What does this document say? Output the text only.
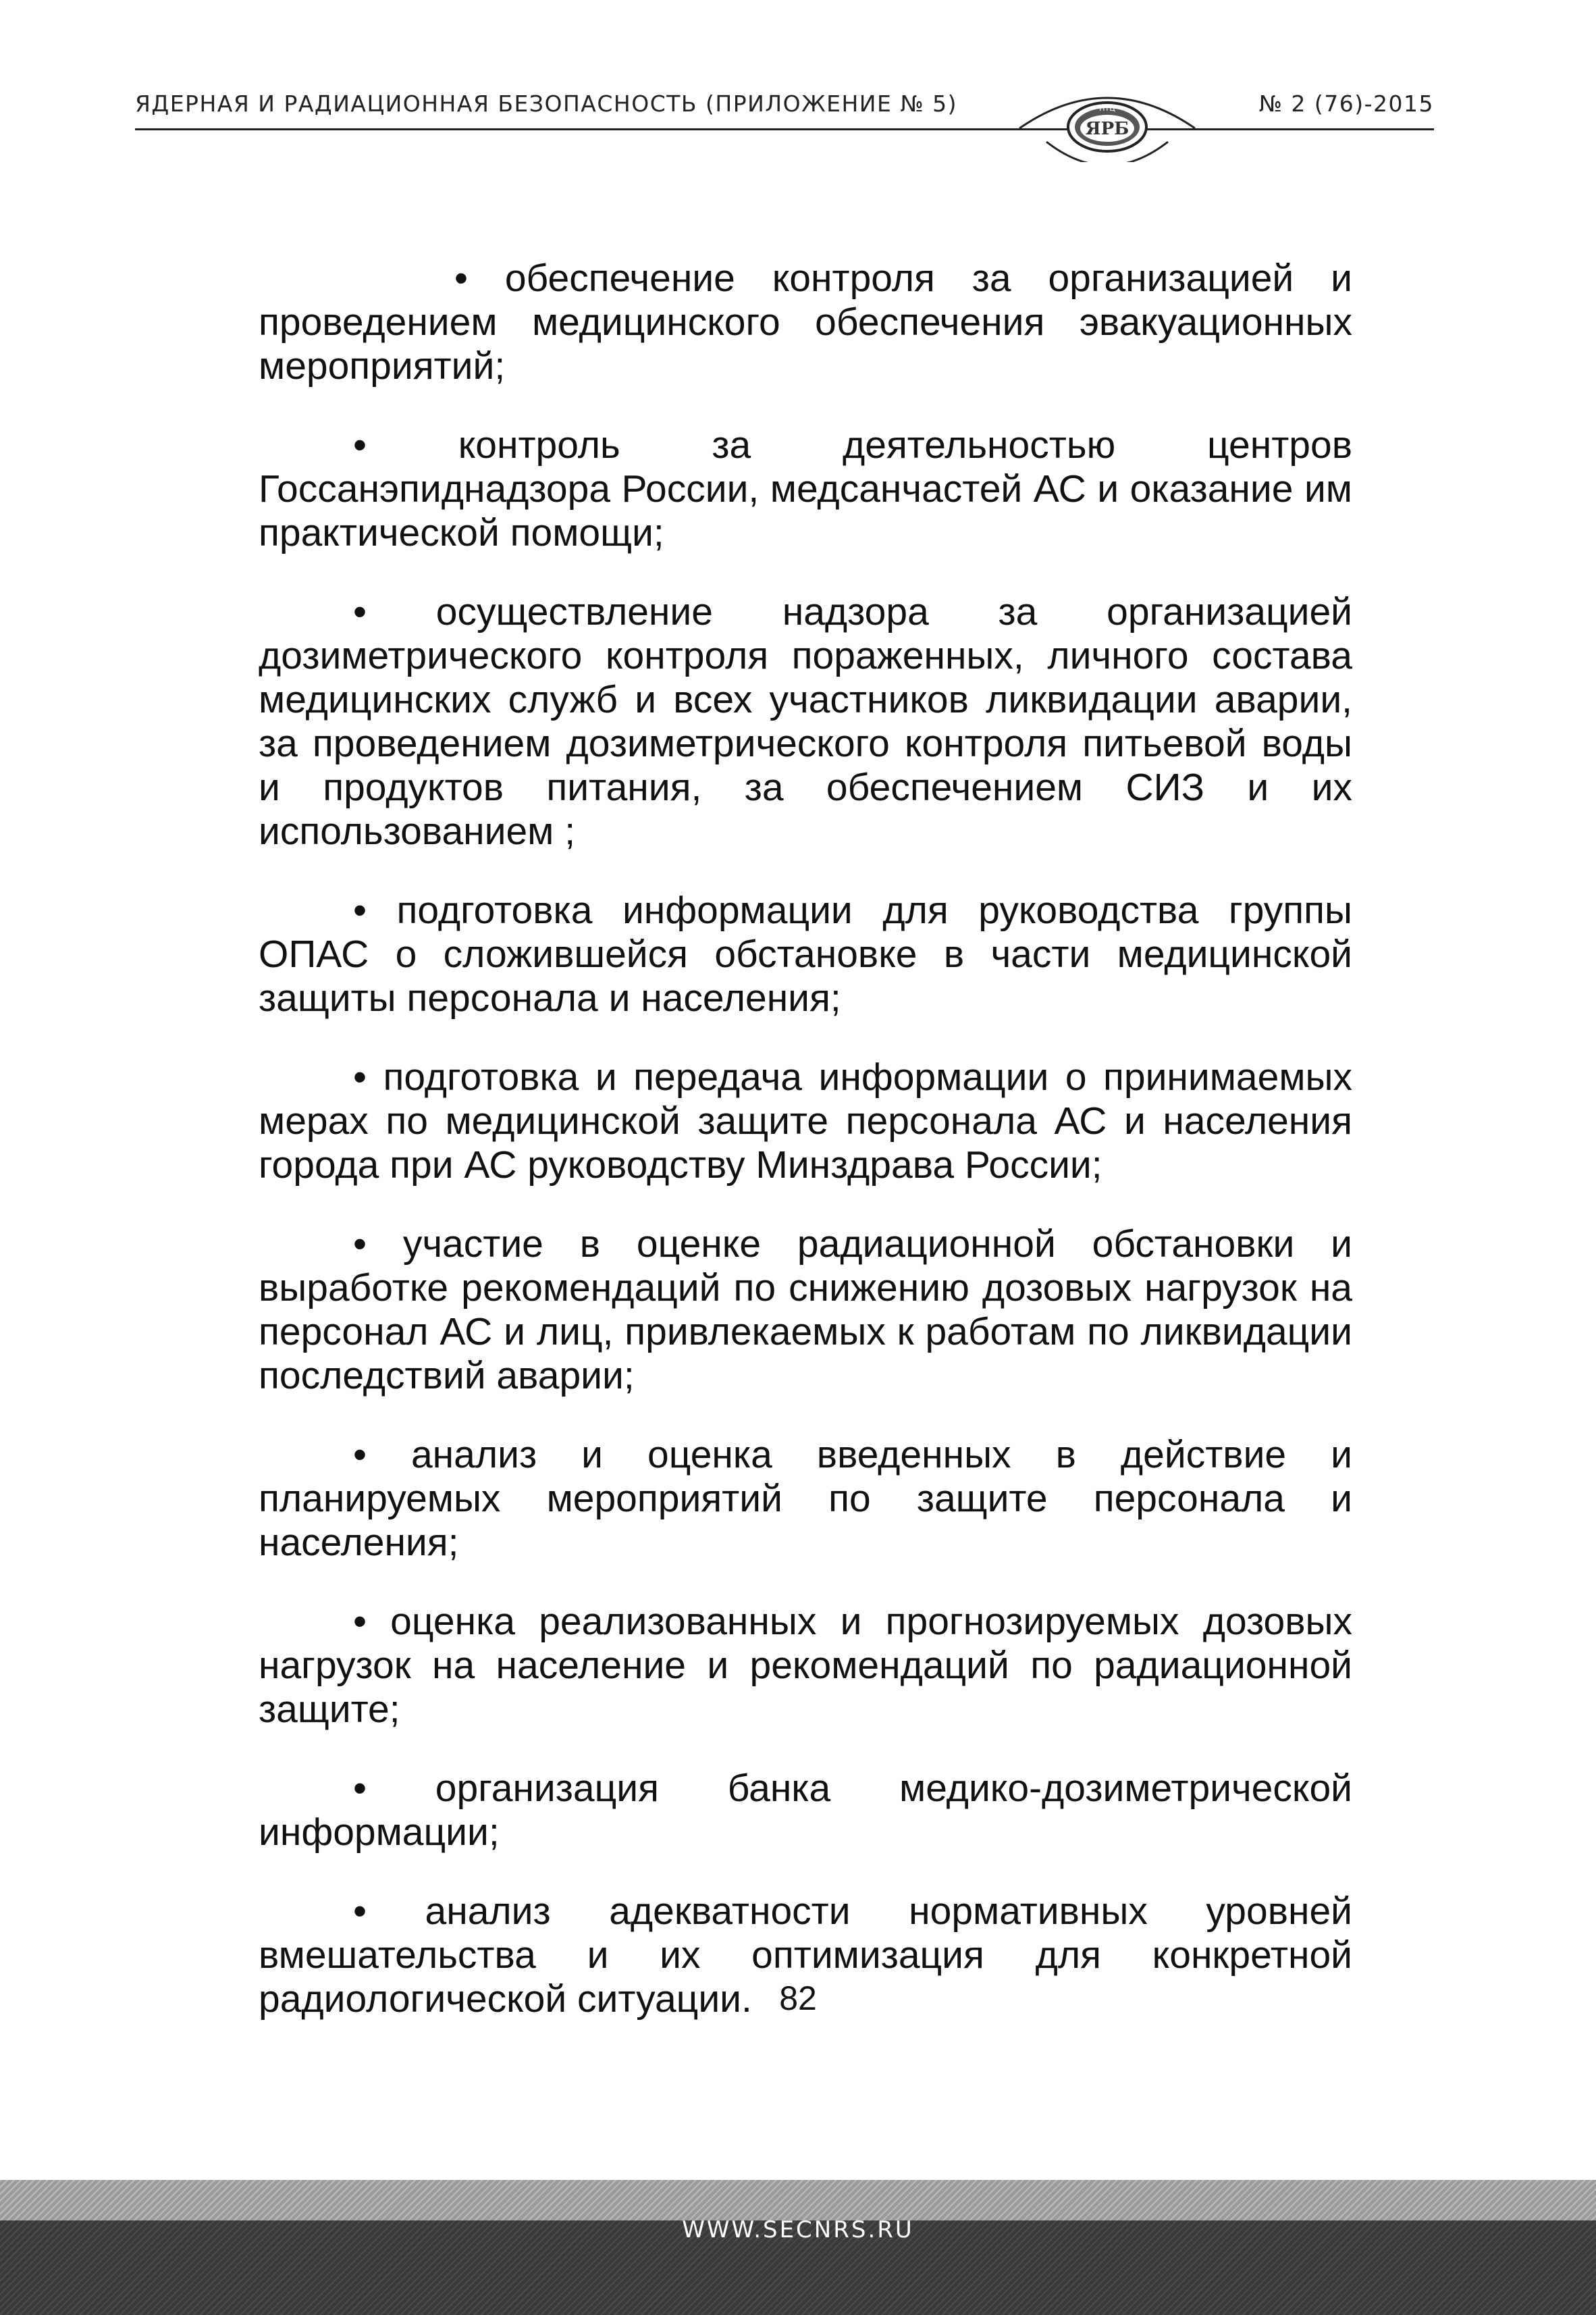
ЯДЕРНАЯ И РАДИАЦИОННАЯ БЕЗОПАСНОСТЬ (ПРИЛОЖЕНИЕ № 5)	№ 2 (76)-2015
НТЦ
ЯРБ

• обеспечение контроля за организацией и проведением медицинского обеспечения эвакуационных мероприятий;

• контроль за деятельностью центров Госсанэпиднадзора России, медсанчастей АС и оказание им практической помощи;

• осуществление надзора за организацией дозиметрического контроля пораженных, личного состава медицинских служб и всех участников ликвидации аварии, за проведением дозиметрического контроля питьевой воды и продуктов питания, за обеспечением СИЗ и их использованием ;

• подготовка информации для руководства группы ОПАС о сложившейся обстановке в части медицинской защиты персонала и населения;

• подготовка и передача информации о принимаемых мерах по медицинской защите персонала АС и населения города при АС руководству Минздрава России;

• участие в оценке радиационной обстановки и выработке рекомендаций по снижению дозовых нагрузок на персонал АС и лиц, привлекаемых к работам по ликвидации последствий аварии;

• анализ и оценка введенных в действие и планируемых мероприятий по защите персонала и населения;

• оценка реализованных и прогнозируемых дозовых нагрузок на население и рекомендаций по радиационной защите;

• организация банка медико-дозиметрической информации;

• анализ адекватности нормативных уровней вмешательства и их оптимизация для конкретной радиологической ситуации. 82
WWW.SECNRS.RU
